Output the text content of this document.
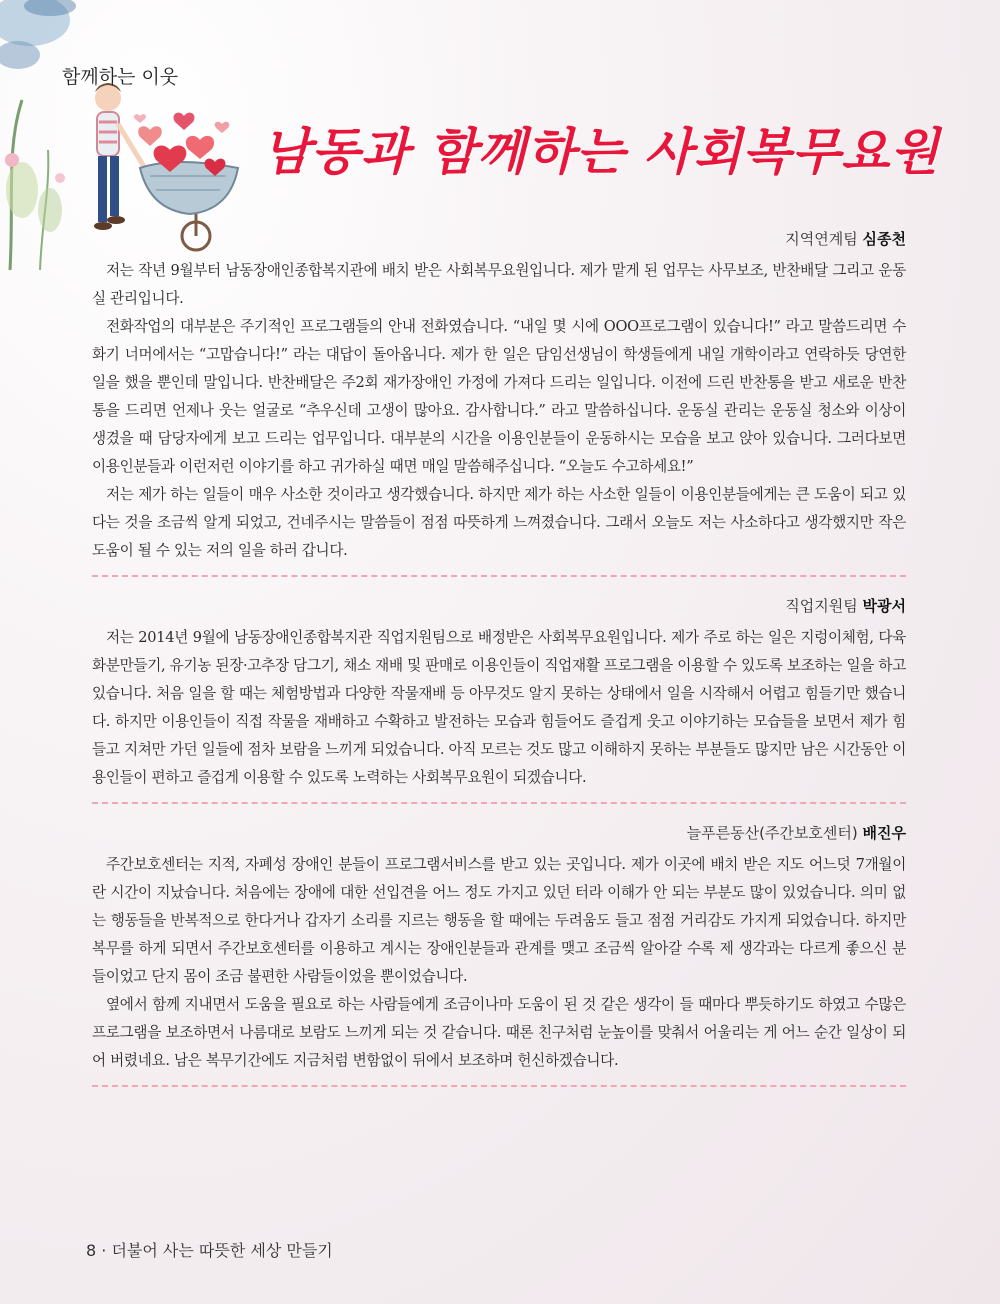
함께하는 이웃
남동과 함께하는 사회복무요원
지역연계팀 심종천

저는 작년 9월부터 남동장애인종합복지관에 배치 받은 사회복무요원입니다. 제가 맡게 된 업무는 사무보조, 반찬배달 그리고 운동실 관리입니다.

전화작업의 대부분은 주기적인 프로그램들의 안내 전화였습니다. “내일 몇 시에 OOO프로그램이 있습니다!” 라고 말씀드리면 수화기 너머에서는 “고맙습니다!” 라는 대답이 돌아옵니다. 제가 한 일은 담임선생님이 학생들에게 내일 개학이라고 연락하듯 당연한 일을 했을 뿐인데 말입니다. 반찬배달은 주2회 재가장애인 가정에 가져다 드리는 일입니다. 이전에 드린 반찬통을 받고 새로운 반찬통을 드리면 언제나 웃는 얼굴로 “추우신데 고생이 많아요. 감사합니다.” 라고 말씀하십니다. 운동실 관리는 운동실 청소와 이상이 생겼을 때 담당자에게 보고 드리는 업무입니다. 대부분의 시간을 이용인분들이 운동하시는 모습을 보고 앉아 있습니다. 그러다보면 이용인분들과 이런저런 이야기를 하고 귀가하실 때면 매일 말씀해주십니다. “오늘도 수고하세요!”

저는 제가 하는 일들이 매우 사소한 것이라고 생각했습니다. 하지만 제가 하는 사소한 일들이 이용인분들에게는 큰 도움이 되고 있다는 것을 조금씩 알게 되었고, 건네주시는 말씀들이 점점 따뜻하게 느껴졌습니다. 그래서 오늘도 저는 사소하다고 생각했지만 작은 도움이 될 수 있는 저의 일을 하러 갑니다.

직업지원팀 박광서

저는 2014년 9월에 남동장애인종합복지관 직업지원팀으로 배정받은 사회복무요원입니다. 제가 주로 하는 일은 지렁이체험, 다육화분만들기, 유기농 된장·고추장 담그기, 채소 재배 및 판매로 이용인들이 직업재활 프로그램을 이용할 수 있도록 보조하는 일을 하고 있습니다. 처음 일을 할 때는 체험방법과 다양한 작물재배 등 아무것도 알지 못하는 상태에서 일을 시작해서 어렵고 힘들기만 했습니다. 하지만 이용인들이 직접 작물을 재배하고 수확하고 발전하는 모습과 힘들어도 즐겁게 웃고 이야기하는 모습들을 보면서 제가 힘들고 지쳐만 가던 일들에 점차 보람을 느끼게 되었습니다. 아직 모르는 것도 많고 이해하지 못하는 부분들도 많지만 남은 시간동안 이용인들이 편하고 즐겁게 이용할 수 있도록 노력하는 사회복무요원이 되겠습니다.

늘푸른동산(주간보호센터) 배진우

주간보호센터는 지적, 자폐성 장애인 분들이 프로그램서비스를 받고 있는 곳입니다. 제가 이곳에 배치 받은 지도 어느덧 7개월이란 시간이 지났습니다. 처음에는 장애에 대한 선입견을 어느 정도 가지고 있던 터라 이해가 안 되는 부분도 많이 있었습니다. 의미 없는 행동들을 반복적으로 한다거나 갑자기 소리를 지르는 행동을 할 때에는 두려움도 들고 점점 거리감도 가지게 되었습니다. 하지만 복무를 하게 되면서 주간보호센터를 이용하고 계시는 장애인분들과 관계를 맺고 조금씩 알아갈 수록 제 생각과는 다르게 좋으신 분들이었고 단지 몸이 조금 불편한 사람들이었을 뿐이었습니다.

옆에서 함께 지내면서 도움을 필요로 하는 사람들에게 조금이나마 도움이 된 것 같은 생각이 들 때마다 뿌듯하기도 하였고 수많은 프로그램을 보조하면서 나름대로 보람도 느끼게 되는 것 같습니다. 때론 친구처럼 눈높이를 맞춰서 어울리는 게 어느 순간 일상이 되어 버렸네요. 남은 복무기간에도 지금처럼 변함없이 뒤에서 보조하며 헌신하겠습니다.

8 · 더불어 사는 따뜻한 세상 만들기
